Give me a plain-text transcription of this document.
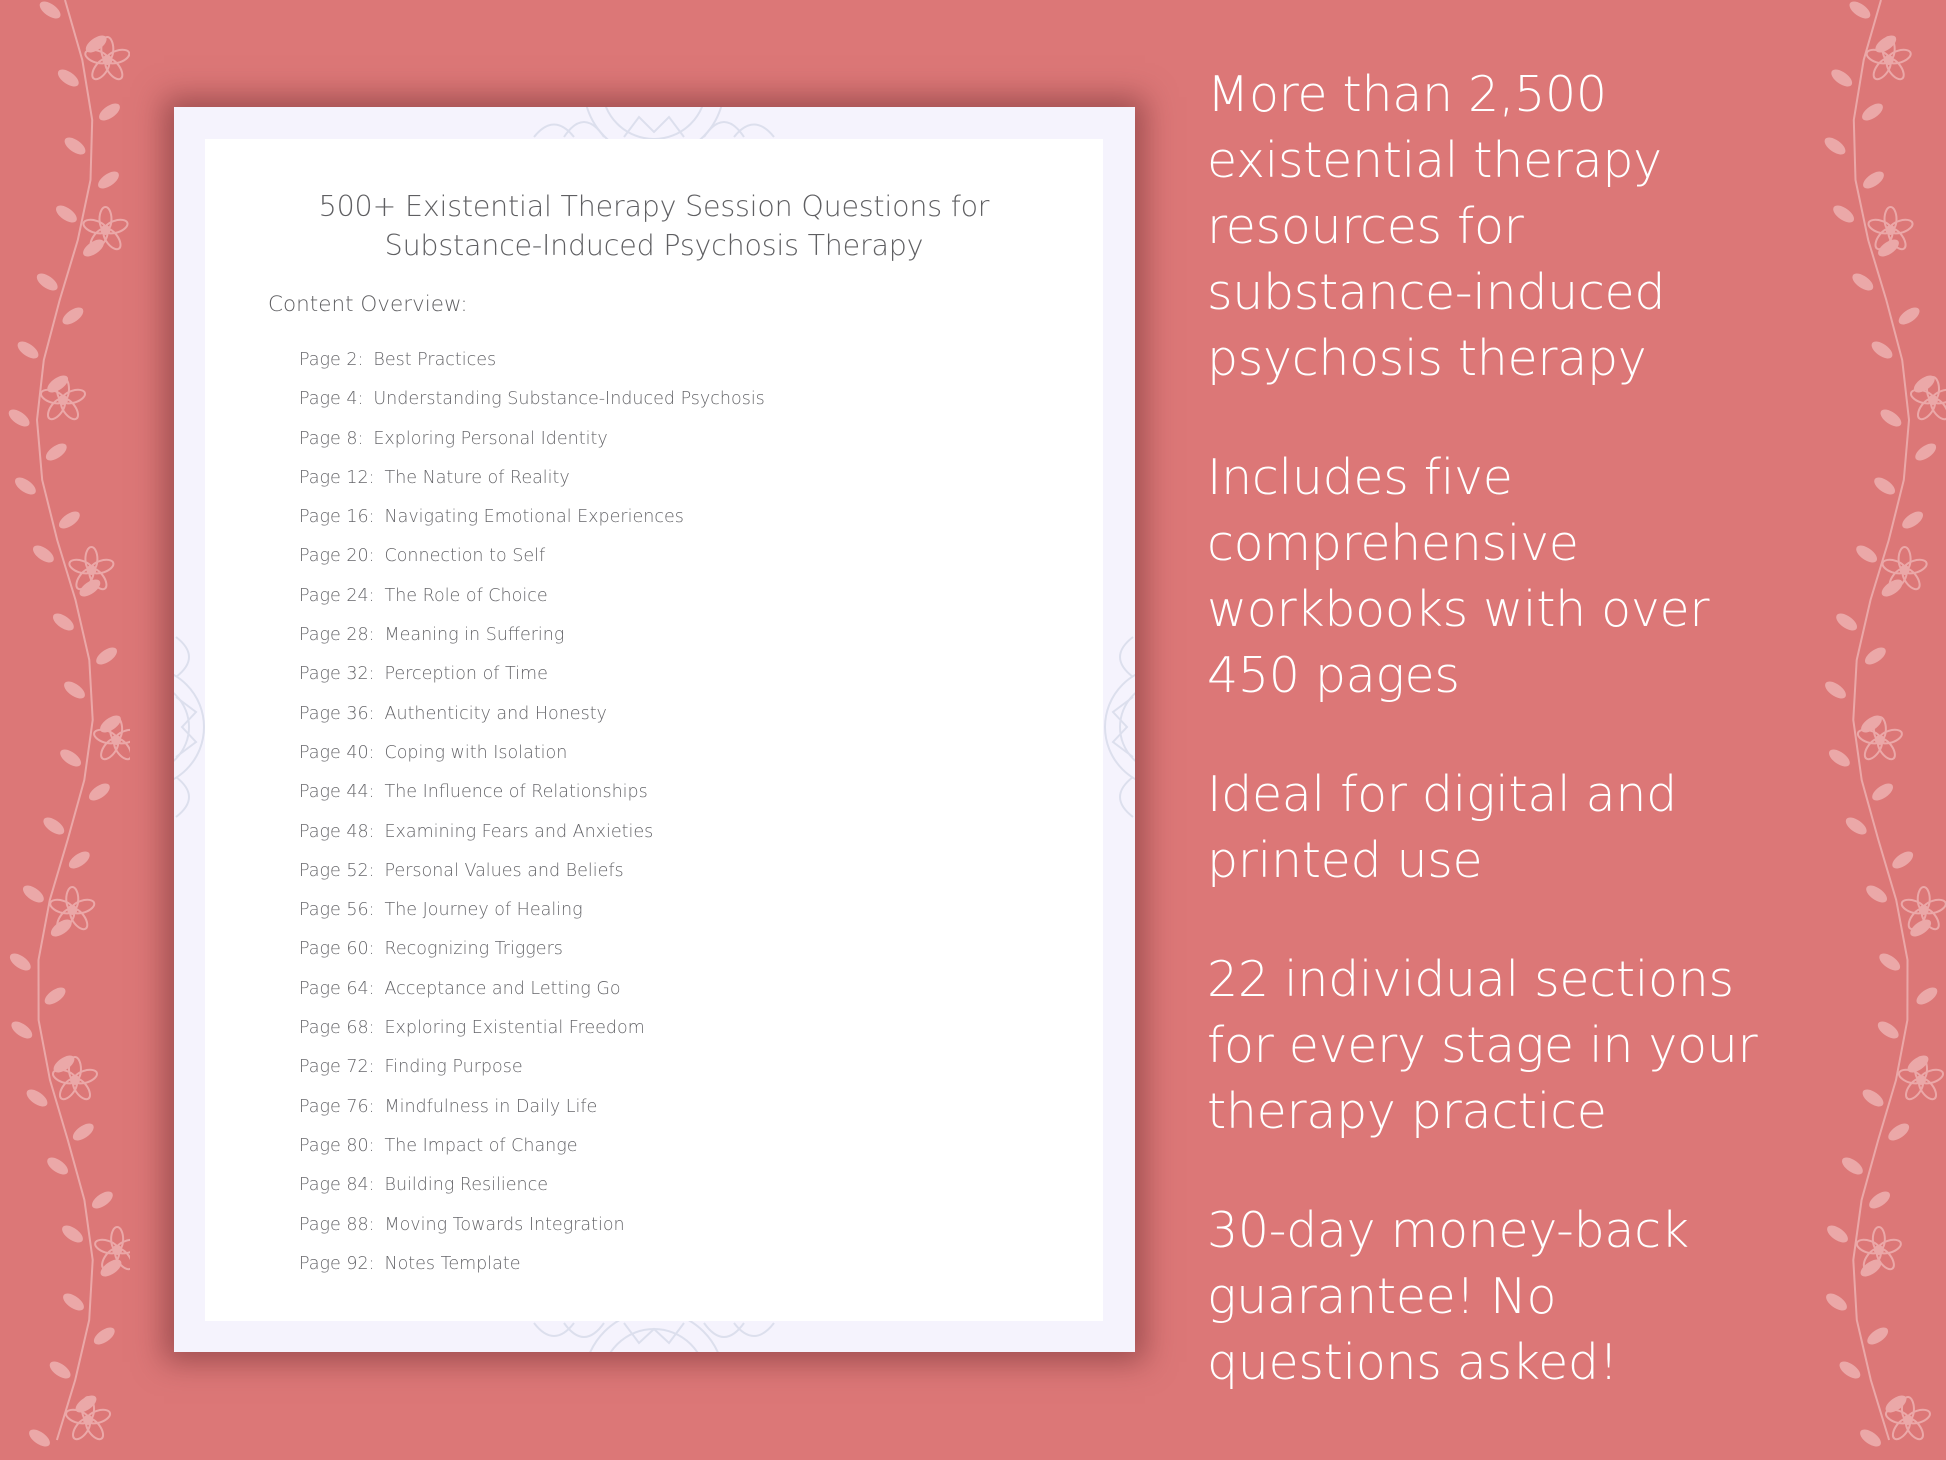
500+ Existential Therapy Session Questions for
Substance-Induced Psychosis Therapy
Content Overview:
Page 2: Best Practices
Page 4: Understanding Substance-Induced Psychosis
Page 8: Exploring Personal Identity
Page 12: The Nature of Reality
Page 16: Navigating Emotional Experiences
Page 20: Connection to Self
Page 24: The Role of Choice
Page 28: Meaning in Suffering
Page 32: Perception of Time
Page 36: Authenticity and Honesty
Page 40: Coping with Isolation
Page 44: The Influence of Relationships
Page 48: Examining Fears and Anxieties
Page 52: Personal Values and Beliefs
Page 56: The Journey of Healing
Page 60: Recognizing Triggers
Page 64: Acceptance and Letting Go
Page 68: Exploring Existential Freedom
Page 72: Finding Purpose
Page 76: Mindfulness in Daily Life
Page 80: The Impact of Change
Page 84: Building Resilience
Page 88: Moving Towards Integration
Page 92: Notes Template
More than 2,500
existential therapy
resources for
substance-induced
psychosis therapy
Includes five
comprehensive
workbooks with over
450 pages
Ideal for digital and
printed use
22 individual sections
for every stage in your
therapy practice
30-day money-back
guarantee! No
questions asked!
